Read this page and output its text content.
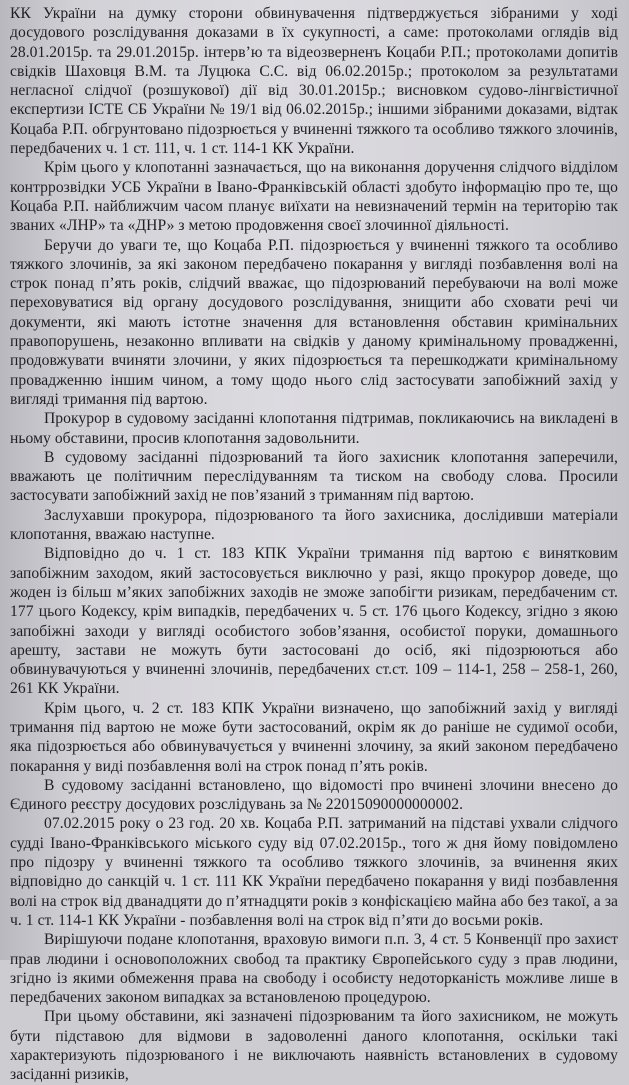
КК України на думку сторони обвинувачення підтверджується зібраними у ході досудового розслідування доказами в їх сукупності, а саме: протоколами оглядів від 28.01.2015р. та 29.01.2015р. інтерв’ю та відеозверненъ Коцаби Р.П.; протоколами допитів свідків Шаховця В.М. та Луцюка С.С. від 06.02.2015р.; протоколом за результатами негласної слідчої (розшукової) дії від 30.01.2015р.; висновком судово-лінгвістичної експертизи ІСТЕ СБ України № 19/1 від 06.02.2015р.; іншими зібраними доказами, відтак Коцаба Р.П. обгрунтовано підозрюється у вчиненні тяжкого та особливо тяжкого злочинів, передбачених ч. 1 ст. 111, ч. 1 ст. 114-1 КК України.

Крім цього у клопотанні зазначається, що на виконання доручення слідчого відділом контррозвідки УСБ України в Івано-Франківській області здобуто інформацію про те, що Коцаба Р.П. найближчим часом планує виїхати на невизначений термін на територію так званих «ЛНР» та «ДНР» з метою продовження своєї злочинної діяльності.

Беручи до уваги те, що Коцаба Р.П. підозрюється у вчиненні тяжкого та особливо тяжкого злочинів, за які законом передбачено покарання у вигляді позбавлення волі на строк понад п’ять років, слідчий вважає, що підозрюваний перебуваючи на волі може переховуватися від органу досудового розслідування, знищити або сховати речі чи документи, які мають істотне значення для встановлення обставин кримінальних правопорушень, незаконно впливати на свідків у даному кримінальному провадженні, продовжувати вчиняти злочини, у яких підозрюється та перешкоджати кримінальному провадженню іншим чином, а тому щодо нього слід застосувати запобіжний захід у вигляді тримання під вартою.

Прокурор в судовому засіданні клопотання підтримав, покликаючись на викладені в ньому обставини, просив клопотання задовольнити.

В судовому засіданні підозрюваний та його захисник клопотання заперечили, вважають це політичним переслідуванням та тиском на свободу слова. Просили застосувати запобіжний захід не пов’язаний з триманням під вартою.

Заслухавши прокурора, підозрюваного та його захисника, дослідивши матеріали клопотання, вважаю наступне.

Відповідно до ч. 1 ст. 183 КПК України тримання під вартою є винятковим запобіжним заходом, який застосовується виключно у разі, якщо прокурор доведе, що жоден із більш м’яких запобіжних заходів не зможе запобігти ризикам, передбаченим ст. 177 цього Кодексу, крім випадків, передбачених ч. 5 ст. 176 цього Кодексу, згідно з якою запобіжні заходи у вигляді особистого зобов’язання, особистої поруки, домашнього арешту, застави не можуть бути застосовані до осіб, які підозрюються або обвинувачуються у вчиненні злочинів, передбачених ст.ст. 109 – 114-1, 258 – 258-1, 260, 261 КК України.

Крім цього, ч. 2 ст. 183 КПК України визначено, що запобіжний захід у вигляді тримання під вартою не може бути застосований, окрім як до раніше не судимої особи, яка підозрюється або обвинувачується у вчиненні злочину, за який законом передбачено покарання у виді позбавлення волі на строк понад п’ять років.

В судовому засіданні встановлено, що відомості про вчинені злочини внесено до Єдиного реєстру досудових розслідувань за № 22015090000000002.

07.02.2015 року о 23 год. 20 хв. Коцаба Р.П. затриманий на підставі ухвали слідчого судді Івано-Франківського міського суду від 07.02.2015р., того ж дня йому повідомлено про підозру у вчиненні тяжкого та особливо тяжкого злочинів, за вчинення яких відповідно до санкцій ч. 1 ст. 111 КК України передбачено покарання у виді позбавлення волі на строк від дванадцяти до п’ятнадцяти років з конфіскацією майна або без такої, а за ч. 1 ст. 114-1 КК України - позбавлення волі на строк від п’яти до восьми років.

Вирішуючи подане клопотання, враховую вимоги п.п. 3, 4 ст. 5 Конвенції про захист прав людини і основоположних свобод та практику Європейського суду з прав людини, згідно із якими обмеження права на свободу і особисту недоторканість можливе лише в передбачених законом випадках за встановленою процедурою.

При цьому обставини, які зазначені підозрюваним та його захисником, не можуть бути підставою для відмови в задоволенні даного клопотання, оскільки такі характеризують підозрюваного і не виключають наявність встановлених в судовому засіданні ризиків,
